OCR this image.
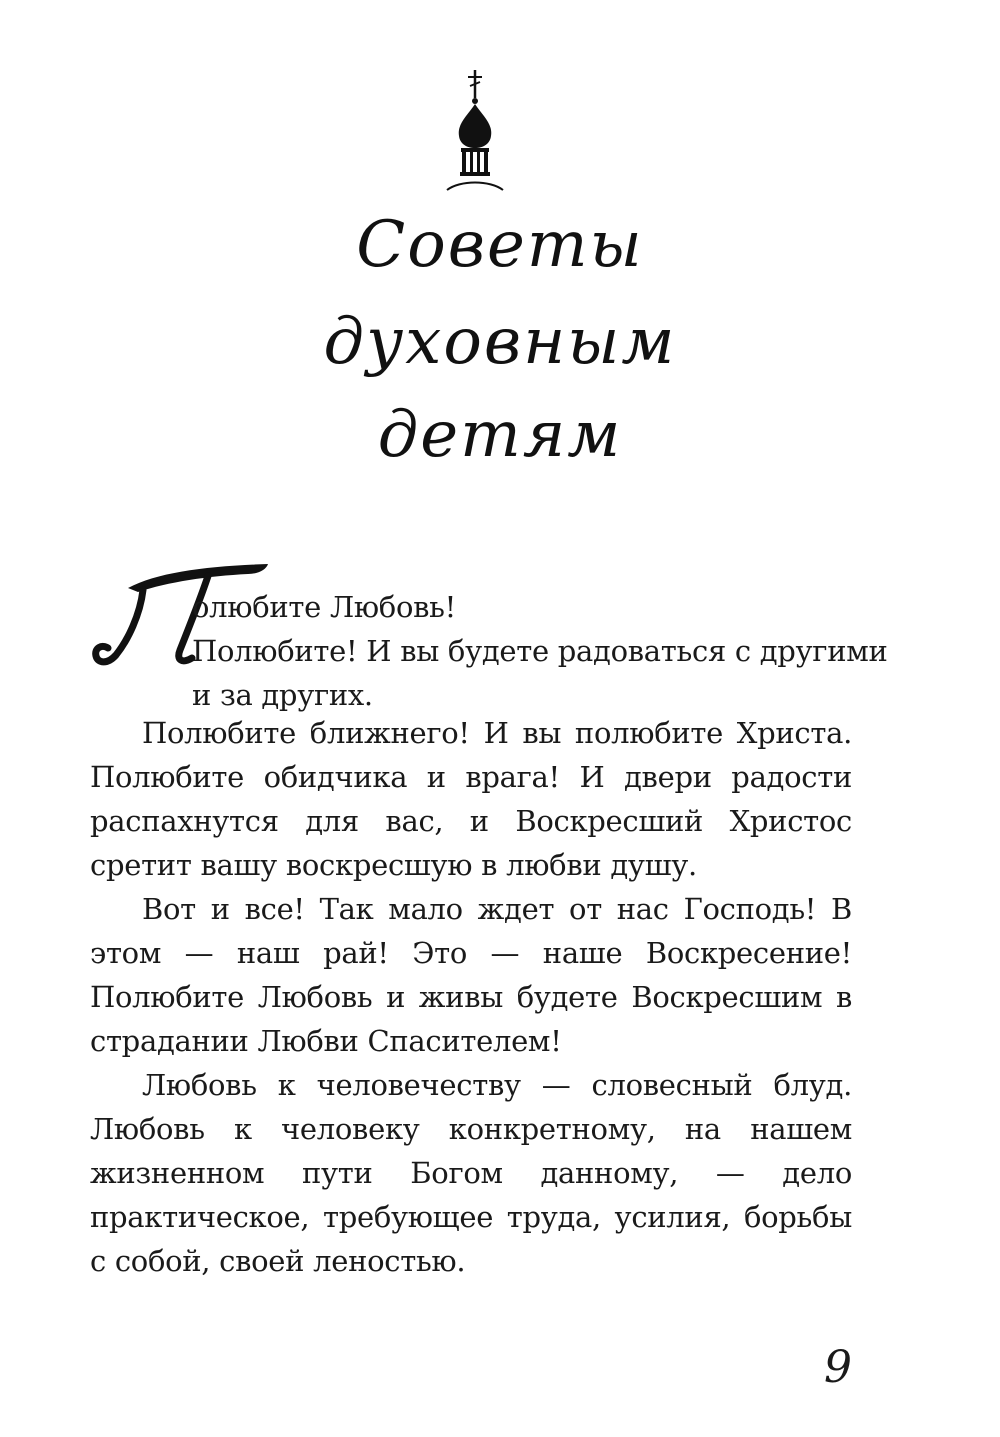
Советы
духовным
детям
олюбите Любовь!
Полюбите! И вы будете радоваться с другими
и за других.

Полюбите ближнего! И вы полюбите Христа. Полюбите обидчика и врага! И двери радости распахнутся для вас, и Воскресший Христос сретит вашу воскресшую в любви душу.

Вот и все! Так мало ждет от нас Господь! В этом — наш рай! Это — наше Воскресение! Полюбите Любовь и живы будете Воскресшим в страдании Любви Спасителем!

Любовь к человечеству — словесный блуд. Любовь к человеку конкретному, на нашем жизненном пути Богом данному, — дело практическое, требующее труда, усилия, борьбы с собой, своей леностью.

9
